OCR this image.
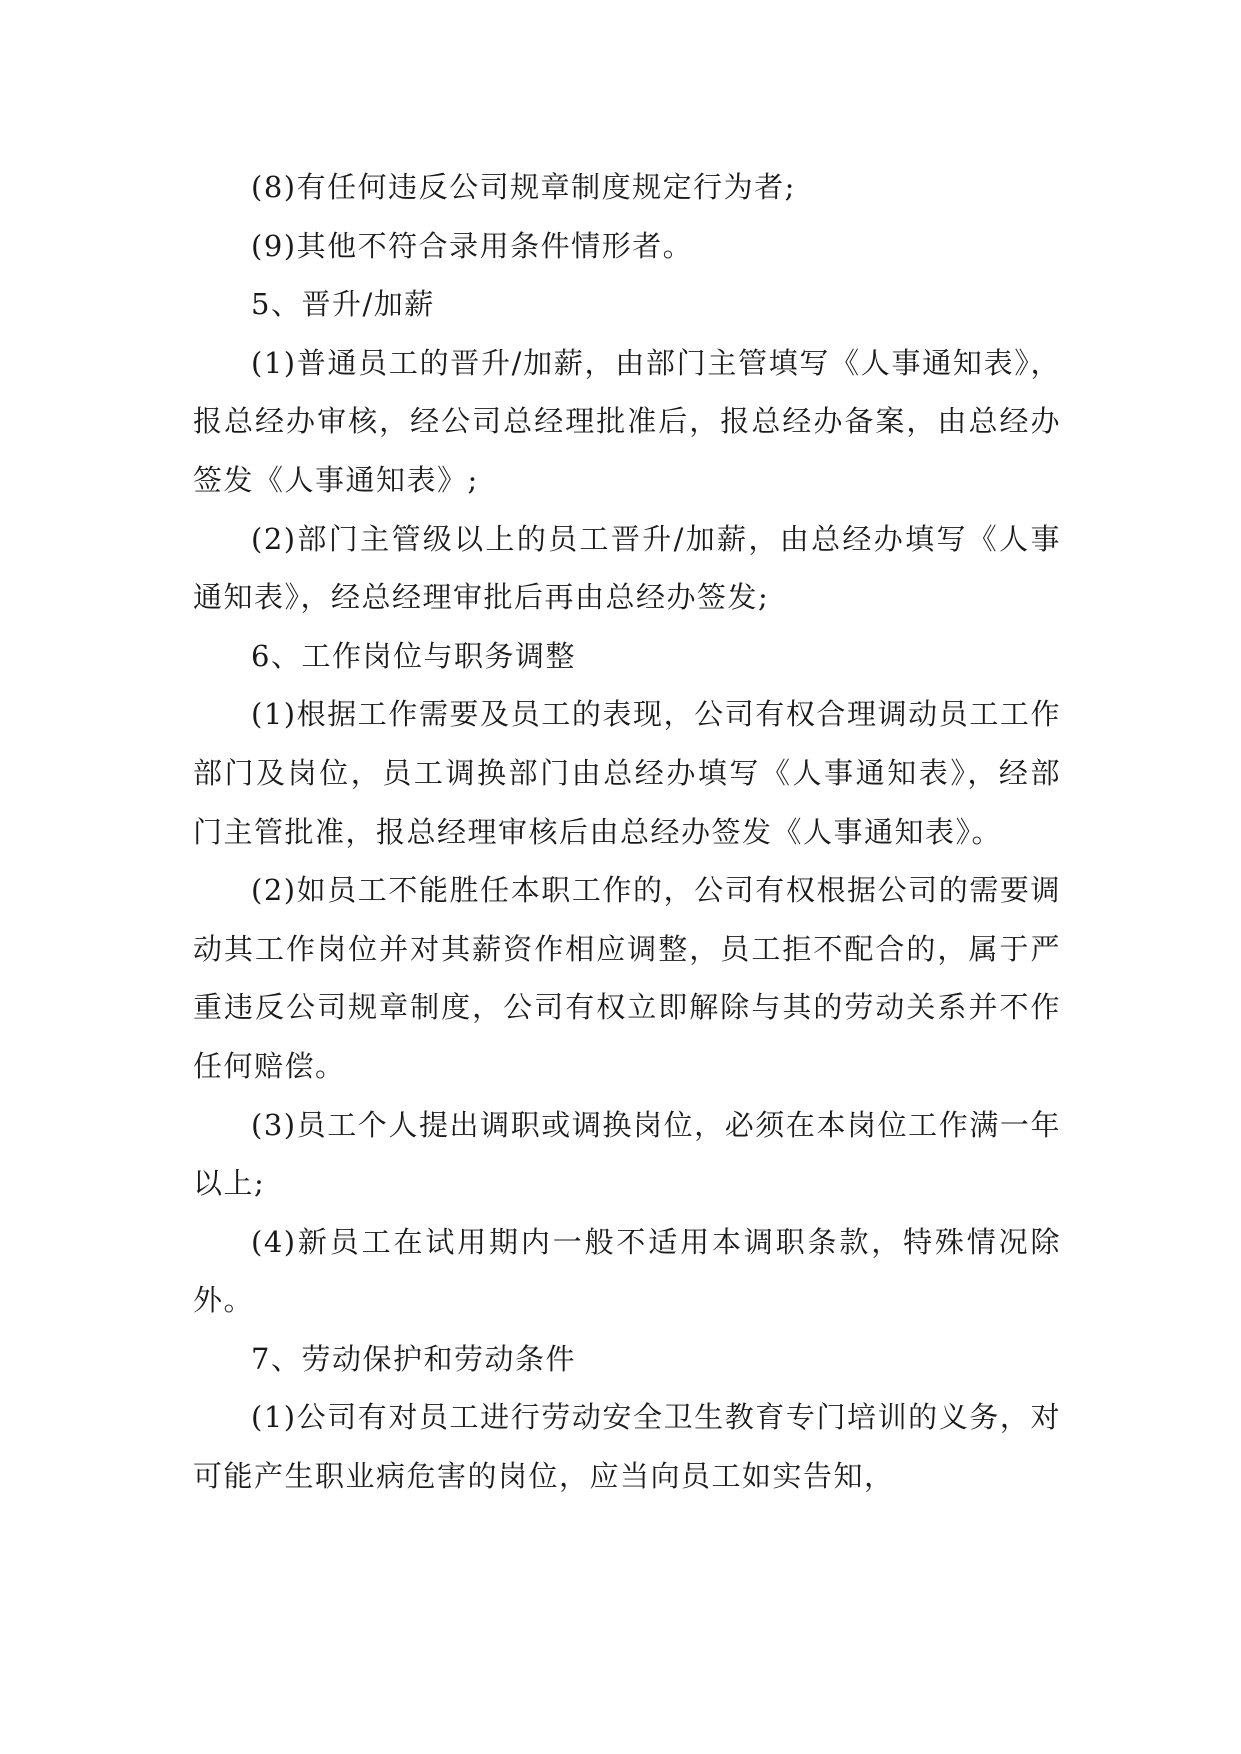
(8)有任何违反公司规章制度规定行为者;

(9)其他不符合录用条件情形者。

5、晋升/加薪

(1)普通员工的晋升/加薪，由部门主管填写《人事通知表》，报总经办审核，经公司总经理批准后，报总经办备案，由总经办签发《人事通知表》;

(2)部门主管级以上的员工晋升/加薪，由总经办填写《人事通知表》，经总经理审批后再由总经办签发;

6、工作岗位与职务调整

(1)根据工作需要及员工的表现，公司有权合理调动员工工作部门及岗位，员工调换部门由总经办填写《人事通知表》，经部门主管批准，报总经理审核后由总经办签发《人事通知表》。

(2)如员工不能胜任本职工作的，公司有权根据公司的需要调动其工作岗位并对其薪资作相应调整，员工拒不配合的，属于严重违反公司规章制度，公司有权立即解除与其的劳动关系并不作任何赔偿。

(3)员工个人提出调职或调换岗位，必须在本岗位工作满一年以上;

(4)新员工在试用期内一般不适用本调职条款，特殊情况除外。

7、劳动保护和劳动条件

(1)公司有对员工进行劳动安全卫生教育专门培训的义务，对可能产生职业病危害的岗位，应当向员工如实告知，
